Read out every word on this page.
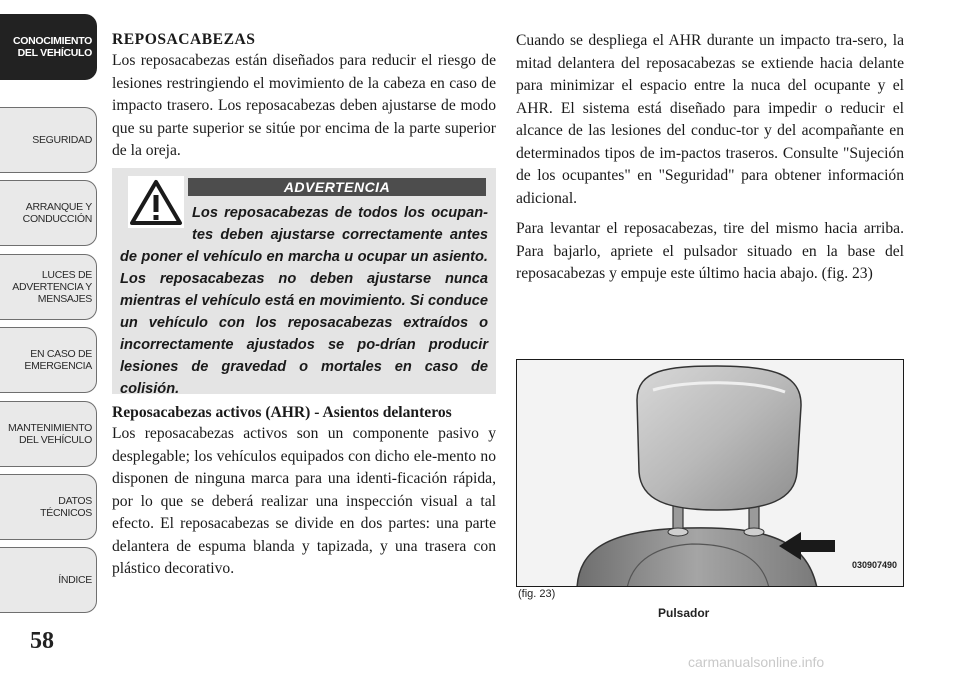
CONOCIMIENTO
DEL VEHÍCULO
SEGURIDAD
ARRANQUE Y
CONDUCCIÓN
LUCES DE
ADVERTENCIA Y
MENSAJES
EN CASO DE
EMERGENCIA
MANTENIMIENTO
DEL VEHÍCULO
DATOS
TÉCNICOS
ÍNDICE
58
REPOSACABEZAS

Los reposacabezas están diseñados para reducir el riesgo de lesiones restringiendo el movimiento de la cabeza en caso de impacto trasero. Los reposacabezas deben ajustarse de modo que su parte superior se sitúe por encima de la parte superior de la oreja.

ADVERTENCIA
Los reposacabezas de todos los ocupan-tes deben ajustarse correctamente antes de poner el vehículo en marcha u ocupar un asiento. Los reposacabezas no deben ajustarse nunca mientras el vehículo está en movimiento. Si conduce un vehículo con los reposacabezas extraídos o incorrectamente ajustados se po-drían producir lesiones de gravedad o mortales en caso de colisión.
Reposacabezas activos (AHR) - Asientos delanteros

Los reposacabezas activos son un componente pasivo y desplegable; los vehículos equipados con dicho ele-mento no disponen de ninguna marca para una identi-ficación rápida, por lo que se deberá realizar una inspección visual a tal efecto. El reposacabezas se divide en dos partes: una parte delantera de espuma blanda y tapizada, y una trasera con plástico decorativo.

Cuando se despliega el AHR durante un impacto tra-sero, la mitad delantera del reposacabezas se extiende hacia delante para minimizar el espacio entre la nuca del ocupante y el AHR. El sistema está diseñado para impedir o reducir el alcance de las lesiones del conduc-tor y del acompañante en determinados tipos de im-pactos traseros. Consulte "Sujeción de los ocupantes" en "Seguridad" para obtener información adicional.

Para levantar el reposacabezas, tire del mismo hacia arriba. Para bajarlo, apriete el pulsador situado en la base del reposacabezas y empuje este último hacia abajo. (fig. 23)

030907490
(fig. 23)
Pulsador
carmanualsonline.info
